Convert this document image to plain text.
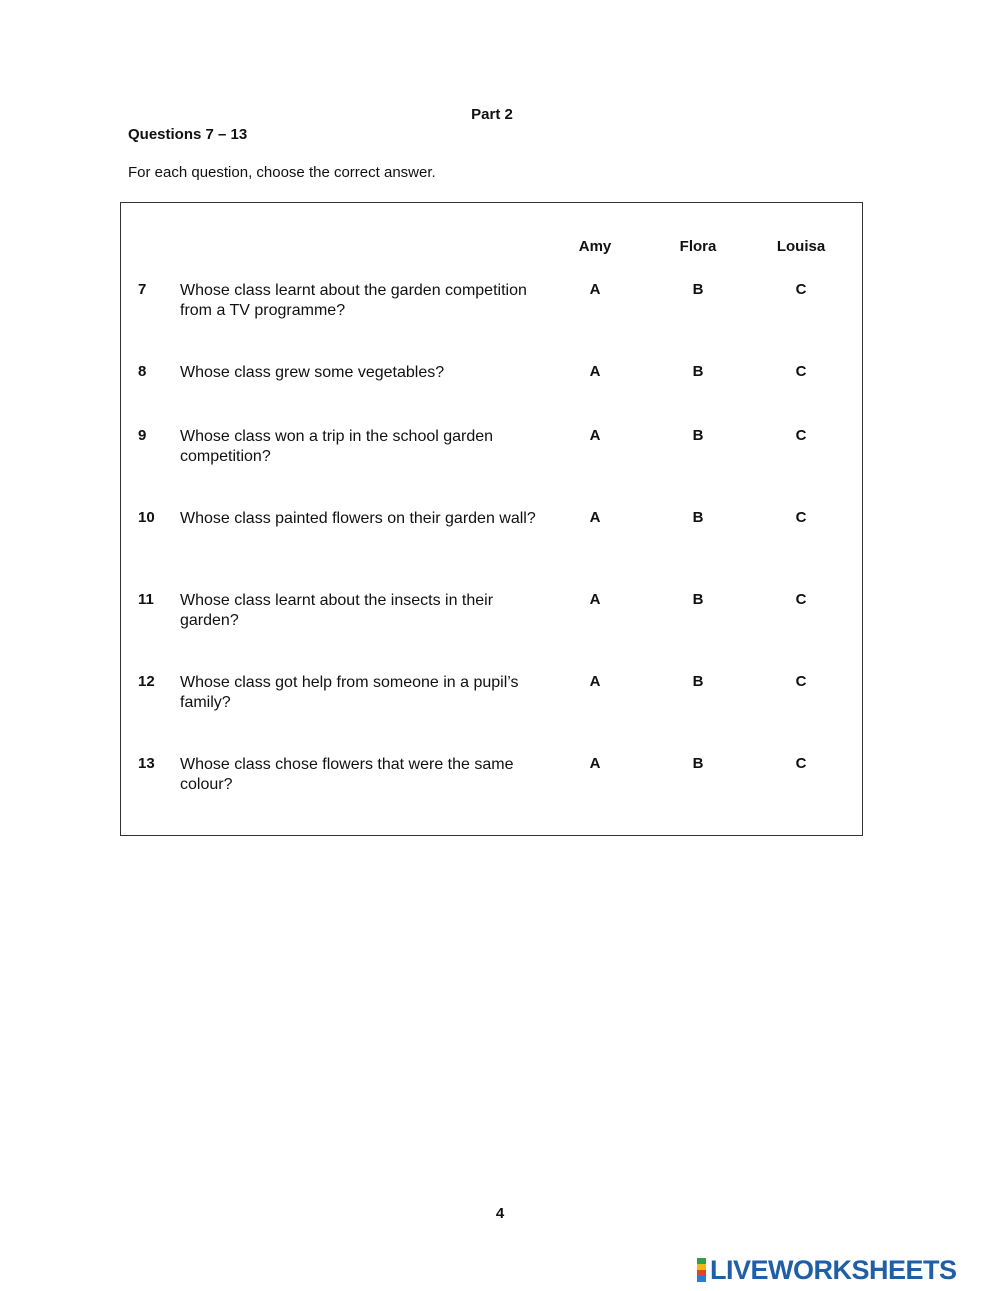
Part 2
Questions 7 – 13
For each question, choose the correct answer.
Amy	Flora	Louisa
7 Whose class learnt about the garden competition from a TV programme?
A	B	C
8 Whose class grew some vegetables?	A	B	C
9 Whose class won a trip in the school garden competition?
A	B	C
10 Whose class painted flowers on their garden wall?	A	B	C
11 Whose class learnt about the insects in their garden?
A	B	C
12 Whose class got help from someone in a pupil’s family?
A	B	C
13 Whose class chose flowers that were the same colour?
A	B	C
4
LIVEWORKSHEETS
